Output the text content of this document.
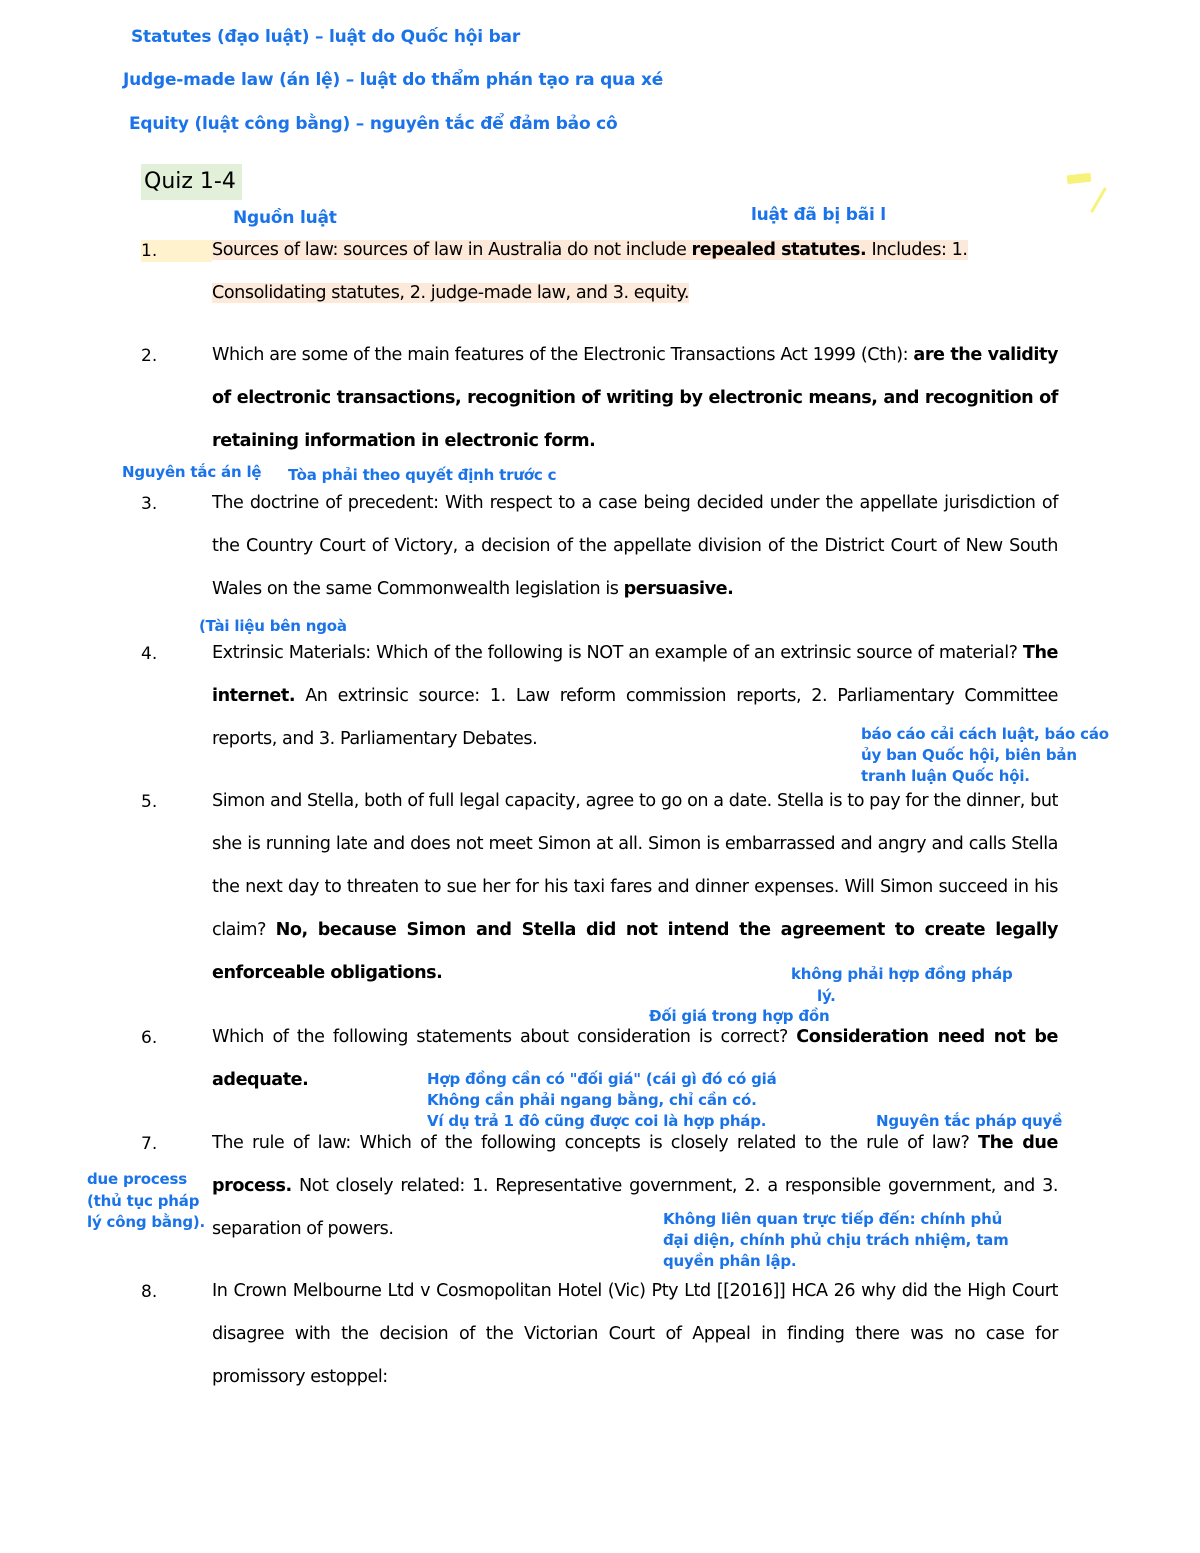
Statutes (đạo luật) – luật do Quốc hội bar
Judge-made law (án lệ) – luật do thẩm phán tạo ra qua xé
Equity (luật công bằng) – nguyên tắc để đảm bảo cô
Quiz 1-4
Nguồn luật	luật đã bị bãi l
1.	Sources of law: sources of law in Australia do not include repealed statutes. Includes: 1.
Consolidating statutes, 2. judge-made law, and 3. equity.
2.	Which are some of the main features of the Electronic Transactions Act 1999 (Cth): are the validity of electronic transactions, recognition of writing by electronic means, and recognition of retaining information in electronic form.
Nguyên tắc án lệ Tòa phải theo quyết định trước c
3.	The doctrine of precedent: With respect to a case being decided under the appellate jurisdiction of the Country Court of Victory, a decision of the appellate division of the District Court of New South Wales on the same Commonwealth legislation is persuasive.
(Tài liệu bên ngoà
4.	Extrinsic Materials: Which of the following is NOT an example of an extrinsic source of material? The internet. An extrinsic source: 1. Law reform commission reports, 2. Parliamentary Committee reports, and 3. Parliamentary Debates.	báo cáo cải cách luật, báo cáo
ủy ban Quốc hội, biên bản
tranh luận Quốc hội.
5.	Simon and Stella, both of full legal capacity, agree to go on a date. Stella is to pay for the dinner, but she is running late and does not meet Simon at all. Simon is embarrassed and angry and calls Stella the next day to threaten to sue her for his taxi fares and dinner expenses. Will Simon succeed in his claim? No, because Simon and Stella did not intend the agreement to create legally enforceable obligations.	không phải hợp đồng pháp
lý.
Đối giá trong hợp đồn
6.	Which of the following statements about consideration is correct? Consideration need not be adequate.	Hợp đồng cần có "đối giá" (cái gì đó có giá
Không cần phải ngang bằng, chỉ cần có.
Ví dụ trả 1 đô cũng được coi là hợp pháp.	Nguyên tắc pháp quyề
7.	The rule of law: Which of the following concepts is closely related to the rule of law? The due process. Not closely related: 1. Representative government, 2. a responsible government, and 3. separation of powers.
due process
(thủ tục pháp
lý công bằng).	Không liên quan trực tiếp đến: chính phủ
đại diện, chính phủ chịu trách nhiệm, tam
quyền phân lập.
8.	In Crown Melbourne Ltd v Cosmopolitan Hotel (Vic) Pty Ltd [[2016]] HCA 26 why did the High Court disagree with the decision of the Victorian Court of Appeal in finding there was no case for promissory estoppel:
